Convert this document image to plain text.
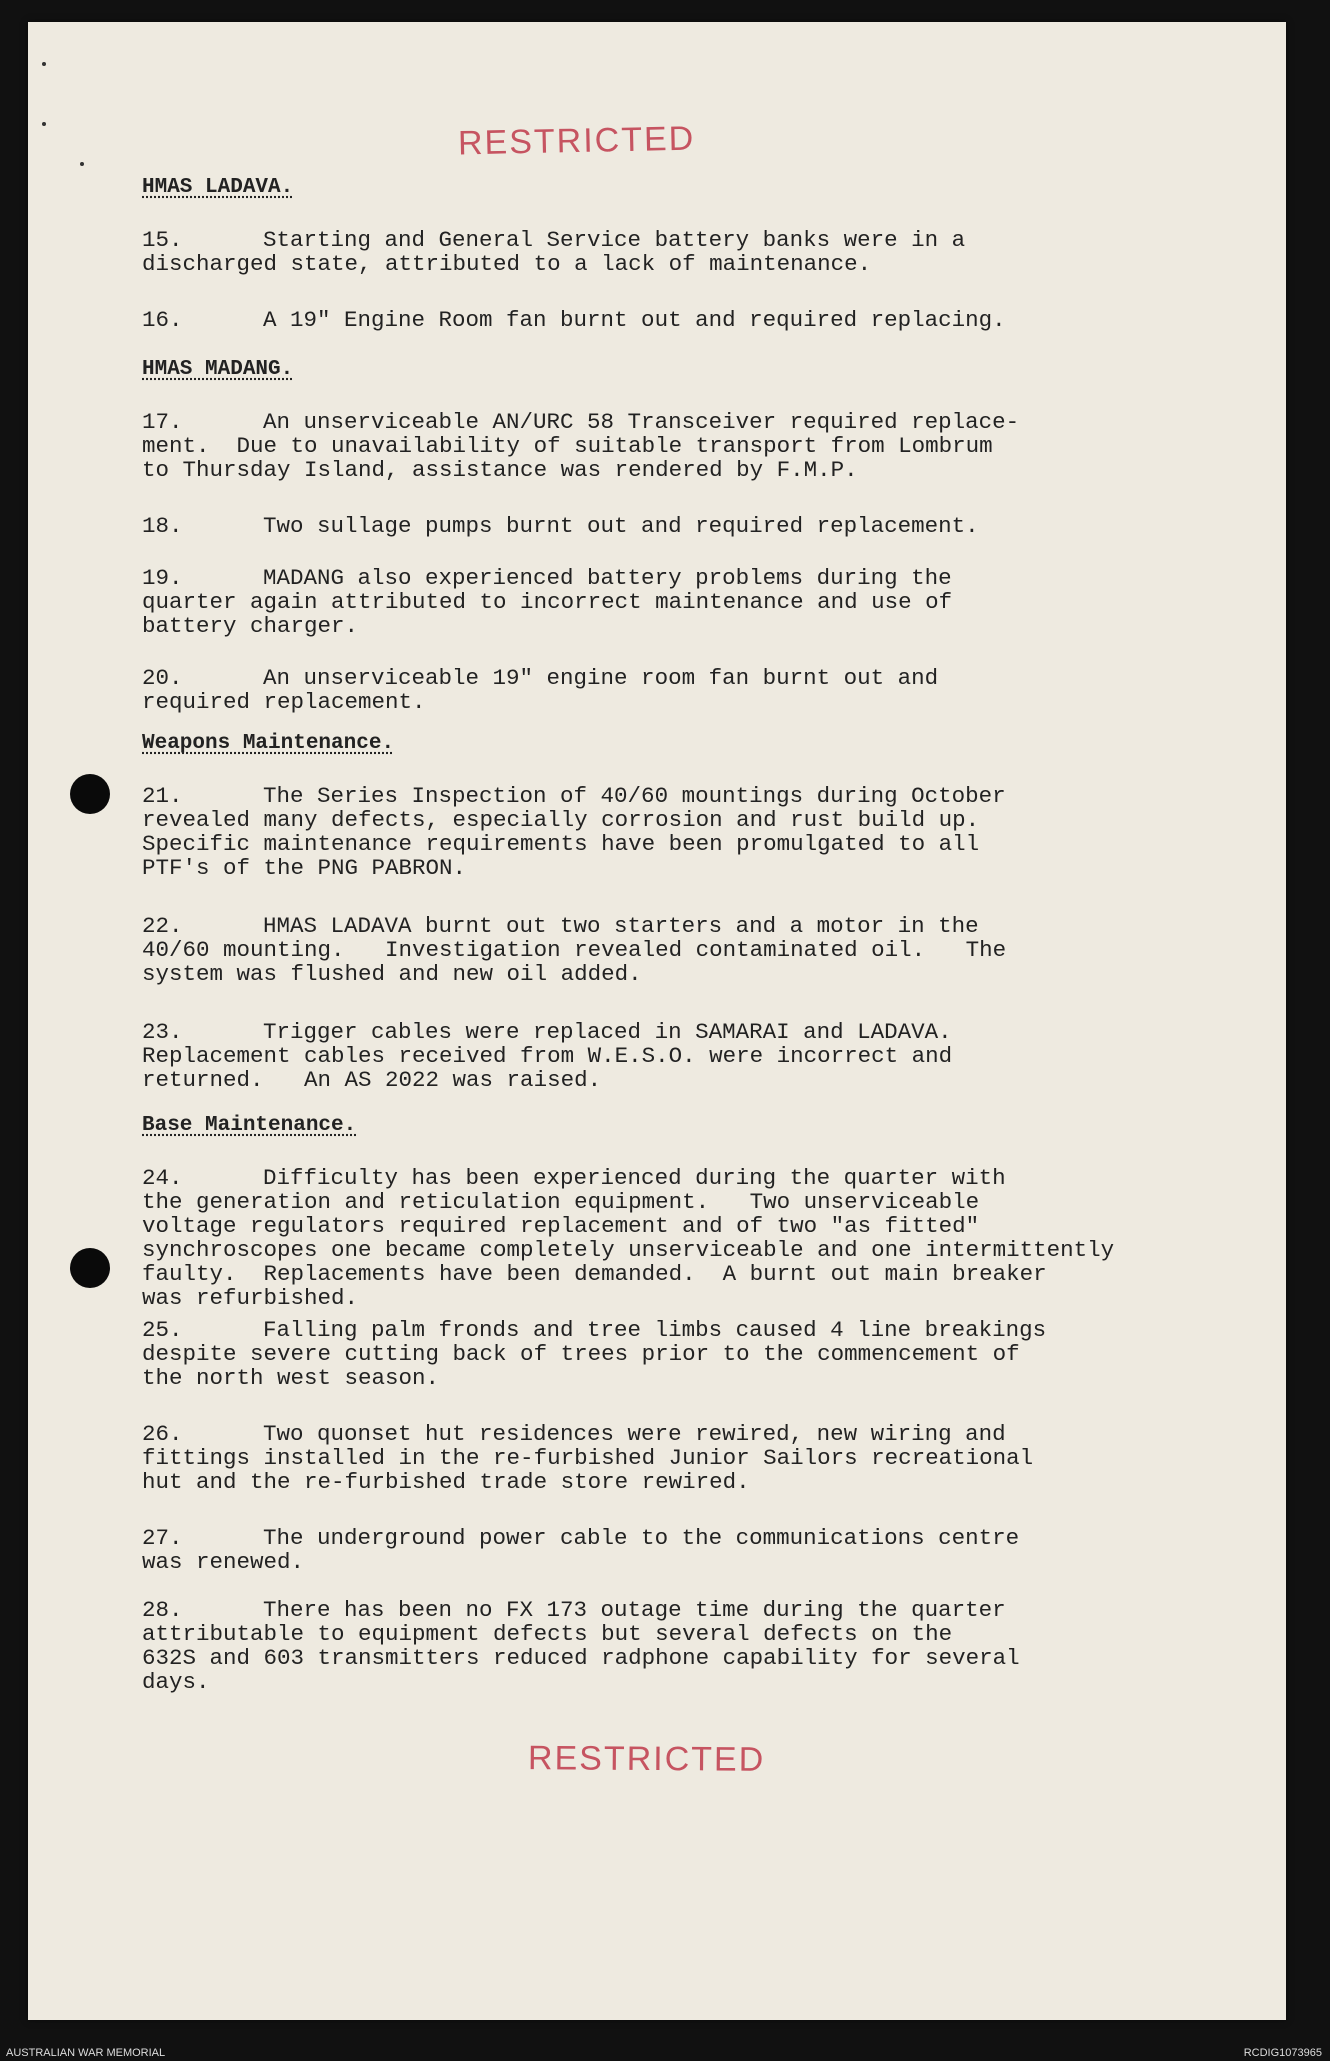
RESTRICTED
RESTRICTED
HMAS LADAVA.
15.	Starting and General Service battery banks were in a
discharged state, attributed to a lack of maintenance.
16.	A 19" Engine Room fan burnt out and required replacing.
HMAS MADANG.
17.	An unserviceable AN/URC 58 Transceiver required replace-
ment.  Due to unavailability of suitable transport from Lombrum
to Thursday Island, assistance was rendered by F.M.P.
18.	Two sullage pumps burnt out and required replacement.
19.	MADANG also experienced battery problems during the
quarter again attributed to incorrect maintenance and use of
battery charger.
20.	An unserviceable 19" engine room fan burnt out and
required replacement.
Weapons Maintenance.
21.	The Series Inspection of 40/60 mountings during October
revealed many defects, especially corrosion and rust build up.
Specific maintenance requirements have been promulgated to all
PTF's of the PNG PABRON.
22.	HMAS LADAVA burnt out two starters and a motor in the
40/60 mounting.   Investigation revealed contaminated oil.   The
system was flushed and new oil added.
23.	Trigger cables were replaced in SAMARAI and LADAVA.
Replacement cables received from W.E.S.O. were incorrect and
returned.   An AS 2022 was raised.
Base Maintenance.
24.	Difficulty has been experienced during the quarter with
the generation and reticulation equipment.   Two unserviceable
voltage regulators required replacement and of two "as fitted"
synchroscopes one became completely unserviceable and one intermittently
faulty.  Replacements have been demanded.  A burnt out main breaker
was refurbished.
25.	Falling palm fronds and tree limbs caused 4 line breakings
despite severe cutting back of trees prior to the commencement of
the north west season.
26.	Two quonset hut residences were rewired, new wiring and
fittings installed in the re-furbished Junior Sailors recreational
hut and the re-furbished trade store rewired.
27.	The underground power cable to the communications centre
was renewed.
28.	There has been no FX 173 outage time during the quarter
attributable to equipment defects but several defects on the
632S and 603 transmitters reduced radphone capability for several
days.
AUSTRALIAN WAR MEMORIAL	RCDIG1073965
